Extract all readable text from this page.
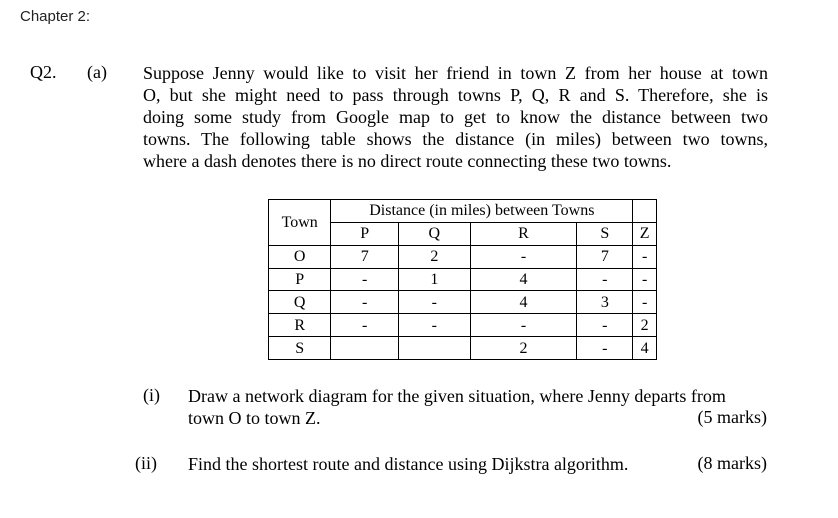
Chapter 2:
Q2. (a) Suppose Jenny would like to visit her friend in town Z from her house at town
O, but she might need to pass through towns P, Q, R and S. Therefore, she is
doing some study from Google map to get to know the distance between two
towns. The following table shows the distance (in miles) between two towns,
where a dash denotes there is no direct route connecting these two towns.
Town	Distance (in miles) between Towns				
	P	Q	R	S	Z
O	7	2	-	7	-
P	-	1	4	-	-
Q	-	-	4	3	-
R	-	-	-	-	2
S			2	-	4
(i) Draw a network diagram for the given situation, where Jenny departs from
town O to town Z.	(5 marks)
(ii) Find the shortest route and distance using Dijkstra algorithm.	(8 marks)
